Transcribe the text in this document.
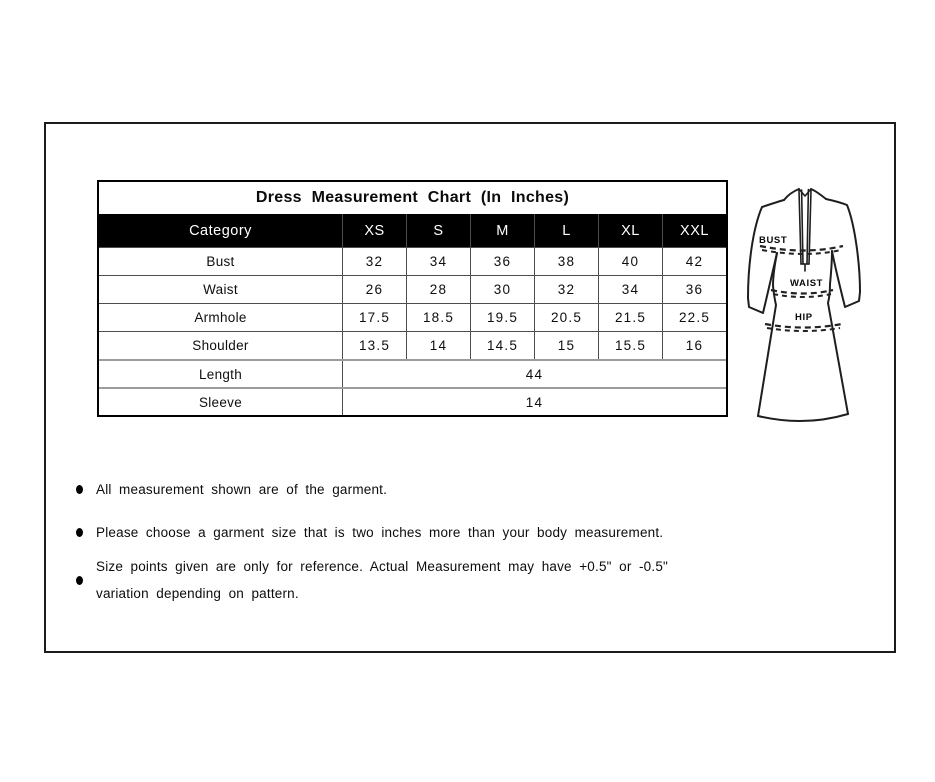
Dress Measurement Chart (In Inches)
Category	XS	S	M	L	XL	XXL
Bust	32	34	36	38	40	42
Waist	26	28	30	32	34	36
Armhole	17.5	18.5	19.5	20.5	21.5	22.5
Shoulder	13.5	14	14.5	15	15.5	16
Length	44
Sleeve	14
BUST
WAIST
HIP
All measurement shown are of the garment.
Please choose a garment size that is two inches more than your body measurement.
Size points given are only for reference. Actual Measurement may have +0.5" or -0.5"
variation depending on pattern.
